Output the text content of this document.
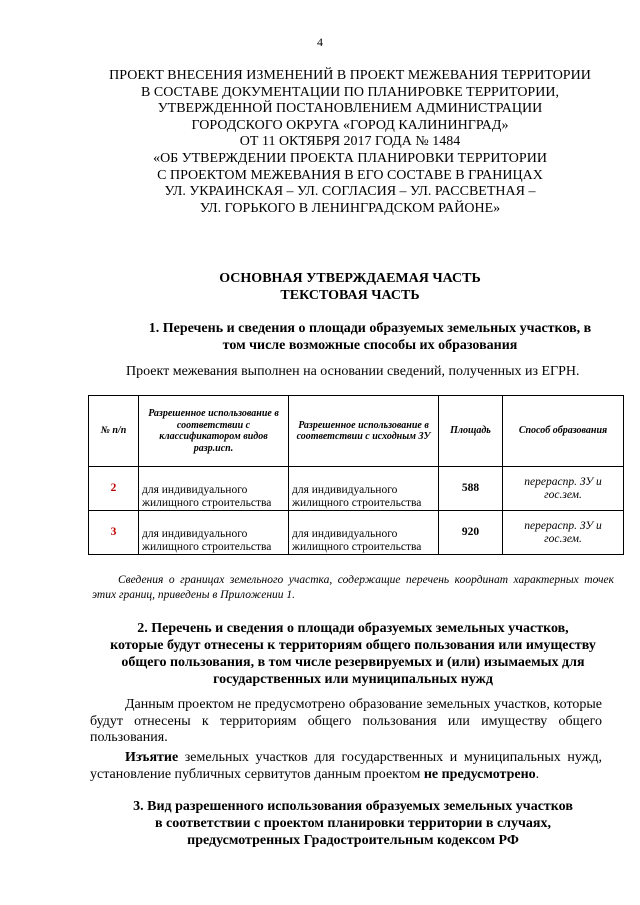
4
ПРОЕКТ ВНЕСЕНИЯ ИЗМЕНЕНИЙ В ПРОЕКТ МЕЖЕВАНИЯ ТЕРРИТОРИИ
В СОСТАВЕ ДОКУМЕНТАЦИИ ПО ПЛАНИРОВКЕ ТЕРРИТОРИИ,
УТВЕРЖДЕННОЙ ПОСТАНОВЛЕНИЕМ АДМИНИСТРАЦИИ
ГОРОДСКОГО ОКРУГА «ГОРОД КАЛИНИНГРАД»
ОТ 11 ОКТЯБРЯ 2017 ГОДА № 1484
«ОБ УТВЕРЖДЕНИИ ПРОЕКТА ПЛАНИРОВКИ ТЕРРИТОРИИ
С ПРОЕКТОМ МЕЖЕВАНИЯ В ЕГО СОСТАВЕ В ГРАНИЦАХ
УЛ. УКРАИНСКАЯ – УЛ. СОГЛАСИЯ – УЛ. РАССВЕТНАЯ –
УЛ. ГОРЬКОГО В ЛЕНИНГРАДСКОМ РАЙОНЕ»
ОСНОВНАЯ УТВЕРЖДАЕМАЯ ЧАСТЬ
ТЕКСТОВАЯ ЧАСТЬ
1. Перечень и сведения о площади образуемых земельных участков, в
том числе возможные способы их образования
Проект межевания выполнен на основании сведений, полученных из ЕГРН.
№ п/п	Разрешенное использование в соответствии с классификатором видов разр.исп.	Разрешенное использование в соответствии с исходным ЗУ	Площадь	Способ образования
2	для индивидуального жилищного строительства	для индивидуального жилищного строительства	588	перераспр. ЗУ и гос.зем.
3	для индивидуального жилищного строительства	для индивидуального жилищного строительства	920	перераспр. ЗУ и гос.зем.
Сведения о границах земельного участка, содержащие перечень координат характерных точек этих границ, приведены в Приложении 1.
2. Перечень и сведения о площади образуемых земельных участков,
которые будут отнесены к территориям общего пользования или имуществу
общего пользования, в том числе резервируемых и (или) изымаемых для
государственных или муниципальных нужд
Данным проектом не предусмотрено образование земельных участков, которые будут отнесены к территориям общего пользования или имуществу общего пользования.
Изъятие земельных участков для государственных и муниципальных нужд, установление публичных сервитутов данным проектом не предусмотрено.
3. Вид разрешенного использования образуемых земельных участков
в соответствии с проектом планировки территории в случаях,
предусмотренных Градостроительным кодексом РФ
